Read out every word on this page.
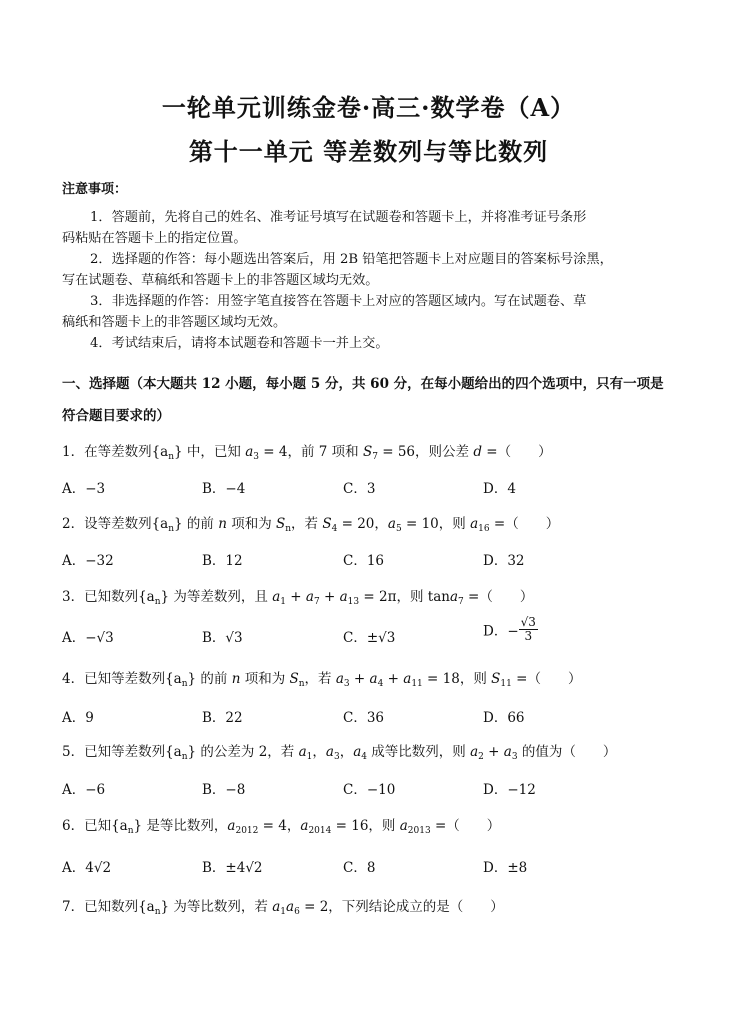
一轮单元训练金卷·高三·数学卷（A）
第十一单元 等差数列与等比数列
注意事项：
1．答题前，先将自己的姓名、准考证号填写在试题卷和答题卡上，并将准考证号条形
码粘贴在答题卡上的指定位置。
2．选择题的作答：每小题选出答案后，用 2B 铅笔把答题卡上对应题目的答案标号涂黑，
写在试题卷、草稿纸和答题卡上的非答题区域均无效。
3．非选择题的作答：用签字笔直接答在答题卡上对应的答题区域内。写在试题卷、草
稿纸和答题卡上的非答题区域均无效。
4．考试结束后，请将本试题卷和答题卡一并上交。
一、选择题（本大题共 12 小题，每小题 5 分，共 60 分，在每小题给出的四个选项中，只有一项是
符合题目要求的）
1．在等差数列$\{a_n\}$ 中，已知 $a_3 = 4$，前 7 项和 $S_7 = 56$，则公差 d =（　　）
A．−3	B．−4	C．3	D．4
2．设等差数列$\{a_n\}$ 的前 n 项和为 $S_n$，若 $S_4 = 20$，$a_5 = 10$，则 $a_{16}$ =（　　）
A．−32	B．12	C．16	D．32
3．已知数列$\{a_n\}$ 为等差数列，且 $a_1 + a_7 + a_{13} = 2\pi$，则 tana$_7$ =（　　）
A．−√3	B．√3	C．±√3	D．− $\frac{√3}{3}$
4．已知等差数列$\{a_n\}$ 的前 n 项和为 $S_n$，若 $a_3 + a_4 + a_{11} = 18$，则 $S_{11}$ =（　　）
A．9	B．22	C．36	D．66
5．已知等差数列$\{a_n\}$ 的公差为 2，若 $a_1$，$a_3$，$a_4$ 成等比数列，则 $a_2 + a_3$ 的值为（　　）
A．−6	B．−8	C．−10	D．−12
6．已知$\{a_n\}$ 是等比数列，$a_{2012} = 4$，$a_{2014} = 16$，则 $a_{2013}$ =（　　）
A．4√2	B．±4√2	C．8	D．±8
7．已知数列$\{a_n\}$ 为等比数列，若 $a_1a_6 = 2$，下列结论成立的是（　　）
